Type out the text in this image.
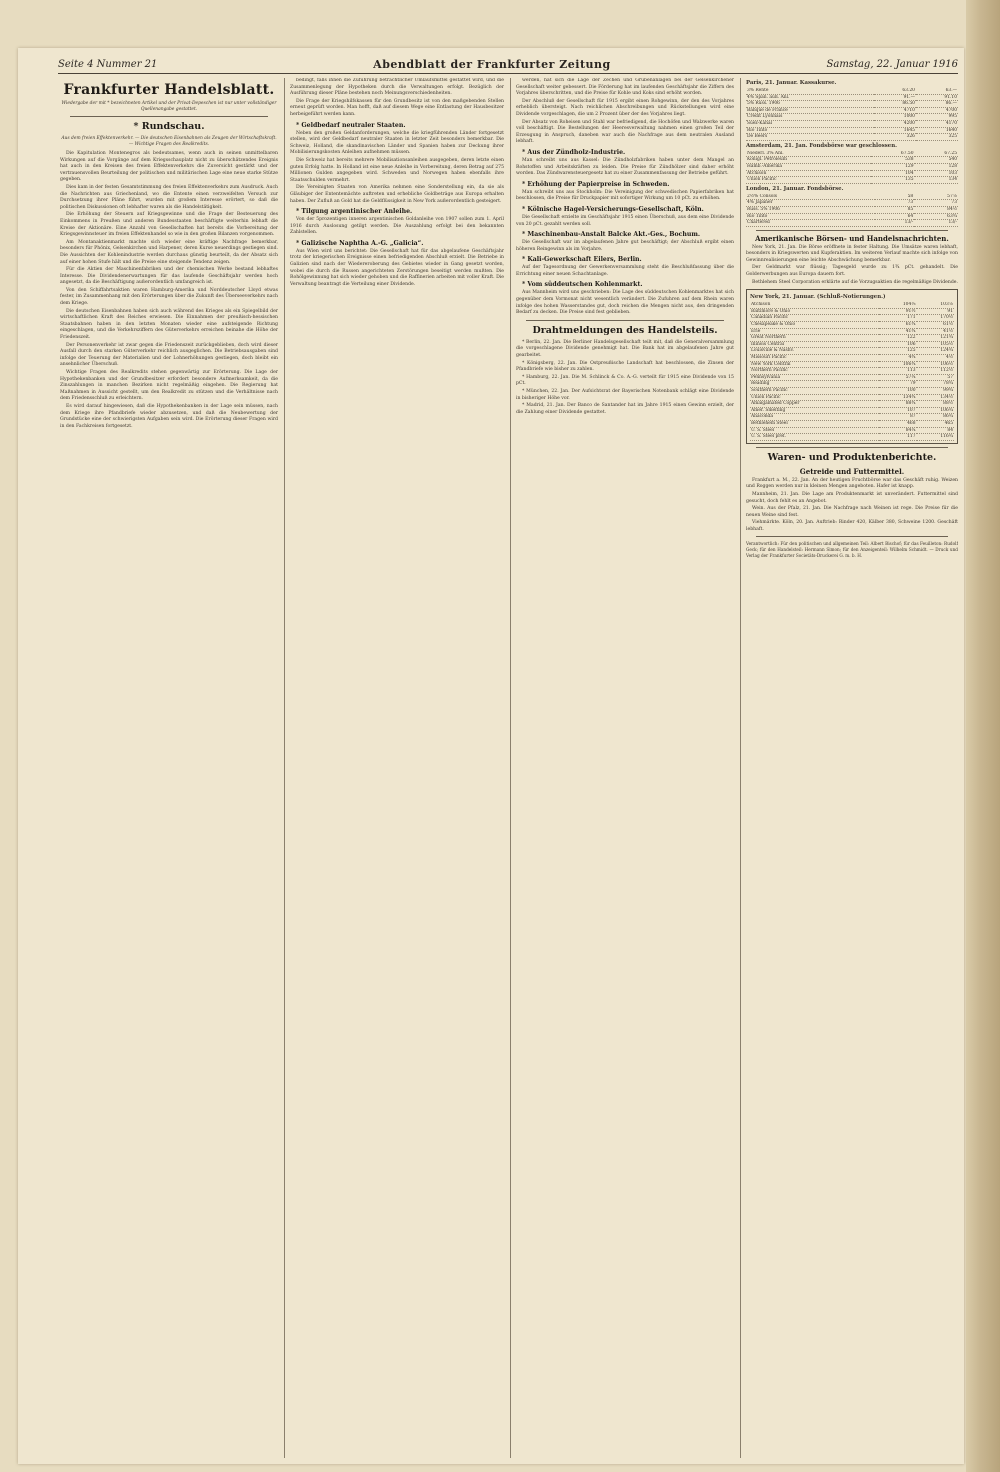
Seite 4 Nummer 21	Abendblatt der Frankfurter Zeitung	Samstag, 22. Januar 1916
Frankfurter Handelsblatt.
Wiedergabe der mit * bezeichneten Artikel und der Privat-Depeschen ist nur unter vollständiger Quellenangabe gestattet.
* Rundschau.
Aus dem freien Effektenverkehr. — Die deutschen Eisenbahnen als Zeugen der Wirtschaftskraft. — Wichtige Fragen des Realkredits.

Die Kapitulation Montenegros als bedeutsames, wenn auch in seinen unmittelbaren Wirkungen auf die Vorgänge auf dem Kriegsschauplatz nicht zu überschätzendes Ereignis hat auch in den Kreisen des freien Effektenverkehrs die Zuversicht gestärkt und der vertrauensvollen Beurteilung der politischen und militärischen Lage eine neue starke Stütze gegeben.

Dies kam in der festen Gesamtstimmung des freien Effektenverkehrs zum Ausdruck. Auch die Nachrichten aus Griechenland, wo die Entente einen verzweifelten Versuch zur Durchsetzung ihrer Pläne führt, wurden mit großem Interesse erörtert, so daß die politischen Diskussionen oft lebhafter waren als die Handelstätigkeit.

Die Erhöhung der Steuern auf Kriegsgewinne und die Frage der Besteuerung des Einkommens in Preußen und anderen Bundesstaaten beschäftigte weiterhin lebhaft die Kreise der Aktionäre. Eine Anzahl von Gesellschaften hat bereits die Vorbereitung der Kriegsgewinnsteuer im freien Effektenhandel so wie in den großen Bilanzen vorgenommen.

Am Montanaktienmarkt machte sich wieder eine kräftige Nachfrage bemerkbar, besonders für Phönix, Gelsenkirchen und Harpener, deren Kurse neuerdings gestiegen sind. Die Aussichten der Kohlenindustrie werden durchaus günstig beurteilt, da der Absatz sich auf einer hohen Stufe hält und die Preise eine steigende Tendenz zeigen.

Für die Aktien der Maschinenfabriken und der chemischen Werke bestand lebhaftes Interesse. Die Dividendenerwartungen für das laufende Geschäftsjahr werden hoch angesetzt, da die Beschäftigung außerordentlich umfangreich ist.

Von den Schiffahrtsaktien waren Hamburg-Amerika und Norddeutscher Lloyd etwas fester, im Zusammenhang mit den Erörterungen über die Zukunft des Überseeverkehrs nach dem Kriege.

Die deutschen Eisenbahnen haben sich auch während des Krieges als ein Spiegelbild der wirtschaftlichen Kraft des Reiches erwiesen. Die Einnahmen der preußisch-hessischen Staatsbahnen haben in den letzten Monaten wieder eine aufsteigende Richtung eingeschlagen, und die Verkehrsziffern des Güterverkehrs erreichen beinahe die Höhe der Friedenszeit.

Der Personenverkehr ist zwar gegen die Friedenszeit zurückgeblieben, doch wird dieser Ausfall durch den starken Güterverkehr reichlich ausgeglichen. Die Betriebsausgaben sind infolge der Teuerung der Materialien und der Lohnerhöhungen gestiegen, doch bleibt ein ansehnlicher Überschuß.

Wichtige Fragen des Realkredits stehen gegenwärtig zur Erörterung. Die Lage der Hypothekenbanken und der Grundbesitzer erfordert besondere Aufmerksamkeit, da die Zinszahlungen in manchen Bezirken nicht regelmäßig eingehen. Die Regierung hat Maßnahmen in Aussicht gestellt, um den Realkredit zu stützen und die Verhältnisse nach dem Friedensschluß zu erleichtern.

Es wird darauf hingewiesen, daß die Hypothekenbanken in der Lage sein müssen, nach dem Kriege ihre Pfandbriefe wieder abzusetzen, und daß die Neubewertung der Grundstücke eine der schwierigsten Aufgaben sein wird. Die Erörterung dieser Fragen wird in den Fachkreisen fortgesetzt.

bedingt, falls ihnen die Zuführung beträchtlicher Umlaufsmittel gestattet wird, und die Zusammenlegung der Hypotheken durch die Verwaltungen erfolgt. Bezüglich der Ausführung dieser Pläne bestehen noch Meinungsverschiedenheiten.

Die Frage der Kriegshilfskassen für den Grundbesitz ist von den maßgebenden Stellen erneut geprüft worden. Man hofft, daß auf diesem Wege eine Entlastung der Hausbesitzer herbeigeführt werden kann.

* Geldbedarf neutraler Staaten.

Neben den großen Geldanforderungen, welche die kriegführenden Länder fortgesetzt stellen, wird der Geldbedarf neutraler Staaten in letzter Zeit besonders bemerkbar. Die Schweiz, Holland, die skandinavischen Länder und Spanien haben zur Deckung ihrer Mobilisierungskosten Anleihen aufnehmen müssen.

Die Schweiz hat bereits mehrere Mobilisationsanleihen ausgegeben, deren letzte einen guten Erfolg hatte. In Holland ist eine neue Anleihe in Vorbereitung, deren Betrag auf 275 Millionen Gulden angegeben wird. Schweden und Norwegen haben ebenfalls ihre Staatsschulden vermehrt.

Die Vereinigten Staaten von Amerika nehmen eine Sonderstellung ein, da sie als Gläubiger der Ententemächte auftreten und erhebliche Goldbeträge aus Europa erhalten haben. Der Zufluß an Gold hat die Geldflüssigkeit in New York außerordentlich gesteigert.

* Tilgung argentinischer Anleihe.

Von der 5prozentigen inneren argentinischen Goldanleihe von 1907 sollen zum 1. April 1916 durch Auslosung getilgt werden. Die Auszahlung erfolgt bei den bekannten Zahlstellen.

* Galizische Naphtha A.-G. „Galicia“.

Aus Wien wird uns berichtet: Die Gesellschaft hat für das abgelaufene Geschäftsjahr trotz der kriegerischen Ereignisse einen befriedigenden Abschluß erzielt. Die Betriebe in Galizien sind nach der Wiedereroberung des Gebietes wieder in Gang gesetzt worden, wobei die durch die Russen angerichteten Zerstörungen beseitigt werden mußten. Die Rohölgewinnung hat sich wieder gehoben und die Raffinerien arbeiten mit voller Kraft. Die Verwaltung beantragt die Verteilung einer Dividende.

werden, hat sich die Lage der Zechen und Grubenanlagen bei der Gelsenkirchener Gesellschaft weiter gebessert. Die Förderung hat im laufenden Geschäftsjahr die Ziffern des Vorjahres überschritten, und die Preise für Kohle und Koks sind erhöht worden.

Der Abschluß der Gesellschaft für 1915 ergibt einen Rohgewinn, der den des Vorjahres erheblich übersteigt. Nach reichlichen Abschreibungen und Rückstellungen wird eine Dividende vorgeschlagen, die um 2 Prozent über der des Vorjahres liegt.

Der Absatz von Roheisen und Stahl war befriedigend, die Hochöfen und Walzwerke waren voll beschäftigt. Die Bestellungen der Heeresverwaltung nahmen einen großen Teil der Erzeugung in Anspruch, daneben war auch die Nachfrage aus dem neutralen Ausland lebhaft.

* Aus der Zündholz-Industrie.

Man schreibt uns aus Kassel: Die Zündholzfabriken haben unter dem Mangel an Rohstoffen und Arbeitskräften zu leiden. Die Preise für Zündhölzer sind daher erhöht worden. Das Zündwarensteuergesetz hat zu einer Zusammenfassung der Betriebe geführt.

* Erhöhung der Papierpreise in Schweden.

Man schreibt uns aus Stockholm: Die Vereinigung der schwedischen Papierfabriken hat beschlossen, die Preise für Druckpapier mit sofortiger Wirkung um 10 pCt. zu erhöhen.

* Kölnische Hagel-Versicherungs-Gesellschaft, Köln.

Die Gesellschaft erzielte im Geschäftsjahr 1915 einen Überschuß, aus dem eine Dividende von 20 pCt. gezahlt werden soll.

* Maschinenbau-Anstalt Balcke Akt.-Ges., Bochum.

Die Gesellschaft war im abgelaufenen Jahre gut beschäftigt; der Abschluß ergibt einen höheren Reingewinn als im Vorjahre.

* Kali-Gewerkschaft Eilers, Berlin.

Auf der Tagesordnung der Gewerkenversammlung steht die Beschlußfassung über die Errichtung einer neuen Schachtanlage.

* Vom süddeutschen Kohlenmarkt.

Aus Mannheim wird uns geschrieben: Die Lage des süddeutschen Kohlenmarktes hat sich gegenüber dem Vormonat nicht wesentlich verändert. Die Zufuhren auf dem Rhein waren infolge des hohen Wasserstandes gut, doch reichen die Mengen nicht aus, den dringenden Bedarf zu decken. Die Preise sind fest geblieben.

Drahtmeldungen des Handelsteils.

* Berlin, 22. Jan. Die Berliner Handelsgesellschaft teilt mit, daß die Generalversammlung die vorgeschlagene Dividende genehmigt hat. Die Bank hat im abgelaufenen Jahre gut gearbeitet.

* Königsberg, 22. Jan. Die Ostpreußische Landschaft hat beschlossen, die Zinsen der Pfandbriefe wie bisher zu zahlen.

* Hamburg, 22. Jan. Die M. Schlinck & Co. A.-G. verteilt für 1915 eine Dividende von 15 pCt.

* München, 22. Jan. Der Aufsichtsrat der Bayerischen Notenbank schlägt eine Dividende in bisheriger Höhe vor.

* Madrid, 21. Jan. Der Banco de Santander hat im Jahre 1915 einen Gewinn erzielt, der die Zahlung einer Dividende gestattet.

Paris, 21. Januar. Kassakurse.
3% Rente	63.20	63.—
4% Span. äuß. Anl.	91.—	91.10
5% Russ. 1906	86.50	86.—
Banque de France	4710	4700
Crédit Lyonnais	1000	995
Suez-Kanal	4200	4170
Rio Tinto	1645	1640
De Beers	326	325
Amsterdam, 21. Jan. Fondsbörse war geschlossen.
Niederl. 3% Anl.	67.50	67.25
Königl. Petroleum	538	540
Hamb.-Amerika	129	128
Atchison	104	103
Union Pacific	135	134
London, 21. Januar. Fondsbörse.
2½% Consols	58	57⅞
4% Japaner	73	73
Russ. 5% 1906	85	84½
Rio Tinto	64	63¾
Chartered	13/-	13/-
Amerikanische Börsen- und Handelsnachrichten.

New York, 21. Jan. Die Börse eröffnete in fester Haltung. Die Umsätze waren lebhaft, besonders in Kriegswerten und Kupferaktien. Im weiteren Verlauf machte sich infolge von Gewinnrealisierungen eine leichte Abschwächung bemerkbar.

Der Geldmarkt war flüssig; Tagesgeld wurde zu 1¾ pCt. gehandelt. Die Golderwerbungen aus Europa dauern fort.

Bethlehem Steel Corporation erklärte auf die Vorzugsaktien die regelmäßige Dividende.

New York, 21. Januar. (Schluß-Notierungen.)
Atchison	104⅛	103⅞
Baltimore & Ohio	91½	91
Canadian Pacific	171	170½
Chesapeake & Ohio	61¾	61½
Erie	41¾	41½
Great Northern	122	121¾
Illinois Central	106	105½
Louisville & Nashv.	125	124¾
Missouri Pacific	4¾	4½
New York Central	106¾	106½
Northern Pacific	113	112½
Pennsylvania	57¼	57
Reading	79	78¾
Southern Pacific	100	99¾
Union Pacific	134¾	134½
Amalgamated Copper	88¾	88½
Amer. Smelting	107	106¾
Anaconda	87	86¾
Bethlehem Steel	468	465
U. S. Steel	84¼	84
U. S. Steel pref.	117	116¾
Waren- und Produktenberichte.
Getreide und Futtermittel.

Frankfurt a. M., 22. Jan. An der heutigen Fruchtbörse war das Geschäft ruhig. Weizen und Roggen werden nur in kleinen Mengen angeboten. Hafer ist knapp.

Mannheim, 21. Jan. Die Lage am Produktenmarkt ist unverändert. Futtermittel sind gesucht, doch fehlt es an Angebot.

Wein. Aus der Pfalz, 21. Jan. Die Nachfrage nach Weinen ist rege. Die Preise für die neuen Weine sind fest.

Viehmärkte. Köln, 20. Jan. Auftrieb: Rinder 420, Kälber 380, Schweine 1200. Geschäft lebhaft.

Verantwortlich: Für den politischen und allgemeinen Teil: Albert Bischof; für das Feuilleton: Rudolf Geck; für den Handelsteil: Hermann Simon; für den Anzeigenteil: Wilhelm Schmidt. — Druck und Verlag der Frankfurter Societäts-Druckerei G. m. b. H.
